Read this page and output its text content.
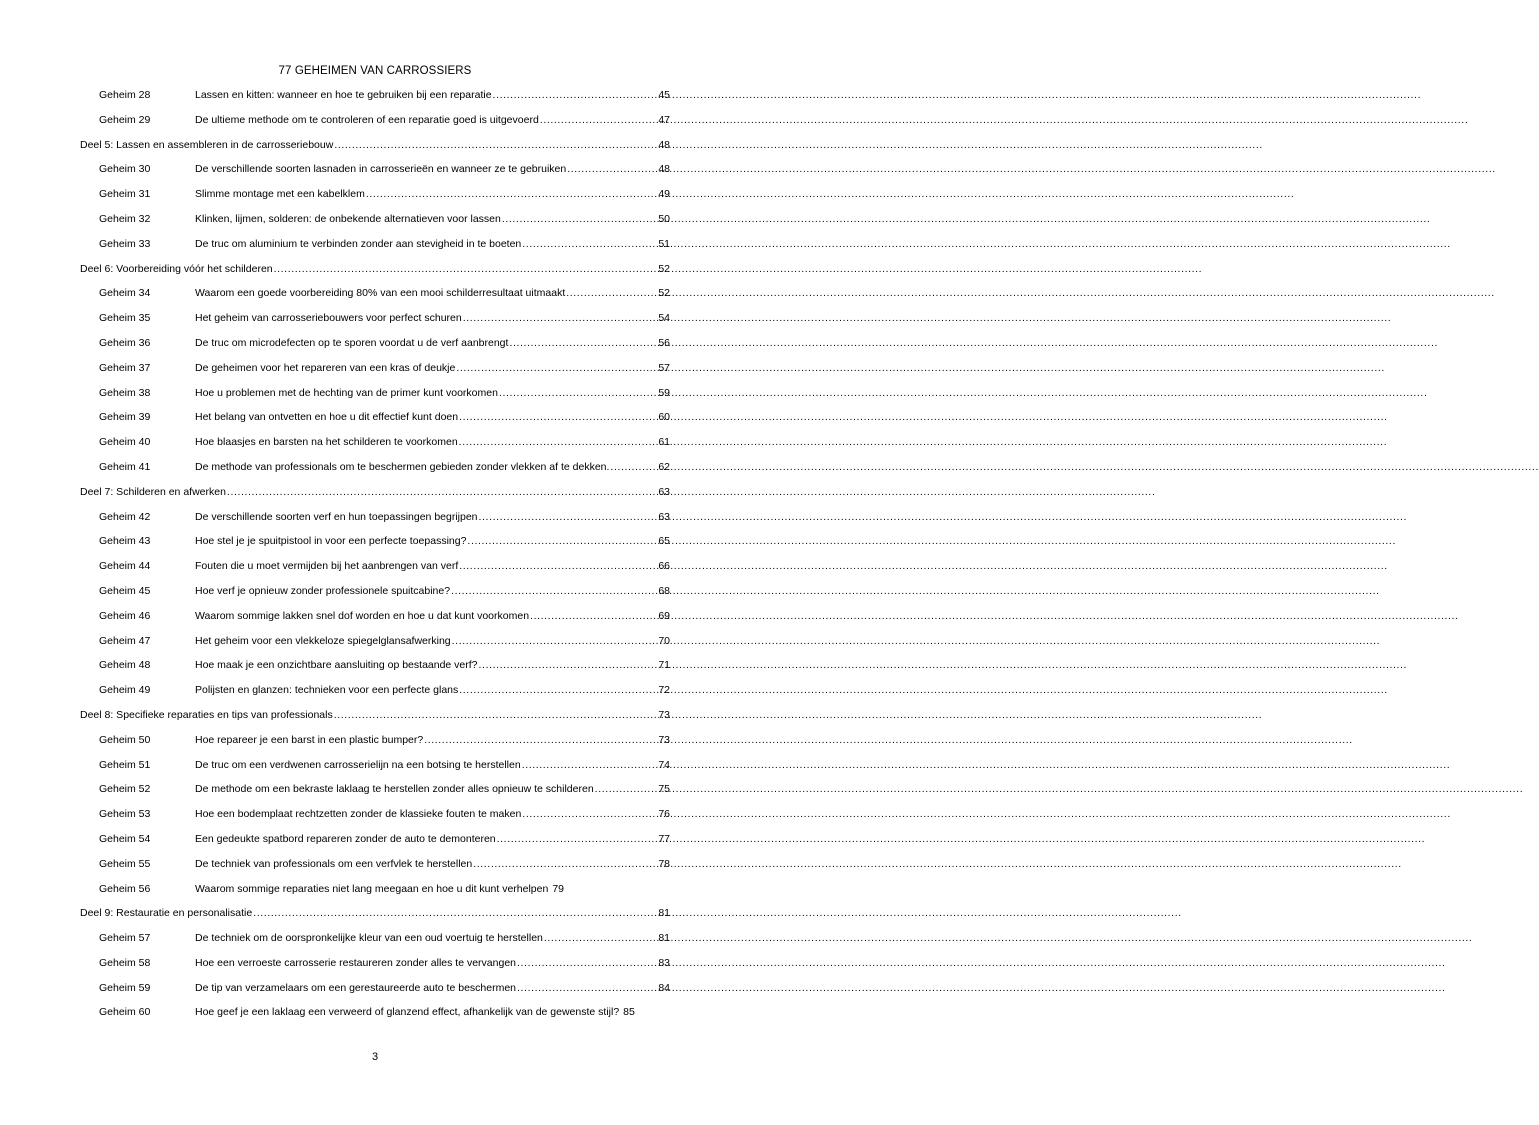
77 GEHEIMEN VAN CARROSSIERS
Geheim 28	Lassen en kitten: wanneer en hoe te gebruiken bij een reparatie .....	45
Geheim 29	De ultieme methode om te controleren of een reparatie goed is uitgevoerd .....	47
Deel 5: Lassen en assembleren in de carrosseriebouw .....	48
Geheim 30	De verschillende soorten lasnaden in carrosserieën en wanneer ze te gebruiken .....	48
Geheim 31	Slimme montage met een kabelklem .....	49
Geheim 32	Klinken, lijmen, solderen: de onbekende alternatieven voor lassen .....	50
Geheim 33	De truc om aluminium te verbinden zonder aan stevigheid in te boeten .....	51
Deel 6: Voorbereiding vóór het schilderen .....	52
Geheim 34	Waarom een goede voorbereiding 80% van een mooi schilderresultaat uitmaakt .....	52
Geheim 35	Het geheim van carrosseriebouwers voor perfect schuren .....	54
Geheim 36	De truc om microdefecten op te sporen voordat u de verf aanbrengt .....	56
Geheim 37	De geheimen voor het repareren van een kras of deukje .....	57
Geheim 38	Hoe u problemen met de hechting van de primer kunt voorkomen .....	59
Geheim 39	Het belang van ontvetten en hoe u dit effectief kunt doen .....	60
Geheim 40	Hoe blaasjes en barsten na het schilderen te voorkomen .....	61
Geheim 41	De methode van professionals om te beschermen gebieden zonder vlekken af te dekken. .....	62
Deel 7: Schilderen en afwerken .....	63
Geheim 42	De verschillende soorten verf en hun toepassingen begrijpen .....	63
Geheim 43	Hoe stel je je spuitpistool in voor een perfecte toepassing? .....	65
Geheim 44	Fouten die u moet vermijden bij het aanbrengen van verf .....	66
Geheim 45	Hoe verf je opnieuw zonder professionele spuitcabine? .....	68
Geheim 46	Waarom sommige lakken snel dof worden en hoe u dat kunt voorkomen .....	69
Geheim 47	Het geheim voor een vlekkeloze spiegelglansafwerking .....	70
Geheim 48	Hoe maak je een onzichtbare aansluiting op bestaande verf? .....	71
Geheim 49	Polijsten en glanzen: technieken voor een perfecte glans .....	72
Deel 8: Specifieke reparaties en tips van professionals .....	73
Geheim 50	Hoe repareer je een barst in een plastic bumper? .....	73
Geheim 51	De truc om een verdwenen carrosserielijn na een botsing te herstellen .....	74
Geheim 52	De methode om een bekraste laklaag te herstellen zonder alles opnieuw te schilderen .....	75
Geheim 53	Hoe een bodemplaat rechtzetten zonder de klassieke fouten te maken .....	76
Geheim 54	Een gedeukte spatbord repareren zonder de auto te demonteren .....	77
Geheim 55	De techniek van professionals om een verfvlek te herstellen .....	78
Geheim 56	Waarom sommige reparaties niet lang meegaan en hoe u dit kunt verhelpen 79
Deel 9: Restauratie en personalisatie .....	81
Geheim 57	De techniek om de oorspronkelijke kleur van een oud voertuig te herstellen .....	81
Geheim 58	Hoe een verroeste carrosserie restaureren zonder alles te vervangen .....	83
Geheim 59	De tip van verzamelaars om een gerestaureerde auto te beschermen .....	84
Geheim 60	Hoe geef je een laklaag een verweerd of glanzend effect, afhankelijk van de gewenste stijl? 85
3
